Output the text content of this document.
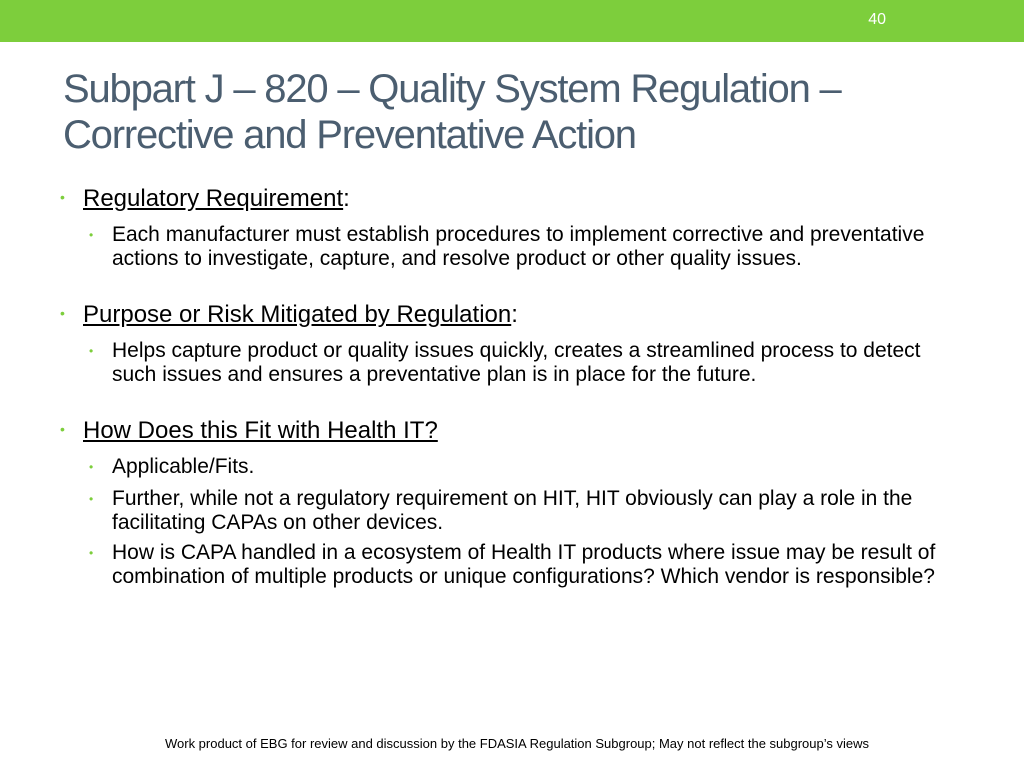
40
Subpart J – 820 – Quality System Regulation –
Corrective and Preventative Action
• Regulatory Requirement:
• Each manufacturer must establish procedures to implement corrective and preventative actions to investigate, capture, and resolve product or other quality issues.
• Purpose or Risk Mitigated by Regulation:
• Helps capture product or quality issues quickly, creates a streamlined process to detect such issues and ensures a preventative plan is in place for the future.
• How Does this Fit with Health IT?
• Applicable/Fits.
• Further, while not a regulatory requirement on HIT, HIT obviously can play a role in the facilitating CAPAs on other devices.
• How is CAPA handled in a ecosystem of Health IT products where issue may be result of combination of multiple products or unique configurations? Which vendor is responsible?
Work product of EBG for review and discussion by the FDASIA Regulation Subgroup; May not reflect the subgroup’s views
